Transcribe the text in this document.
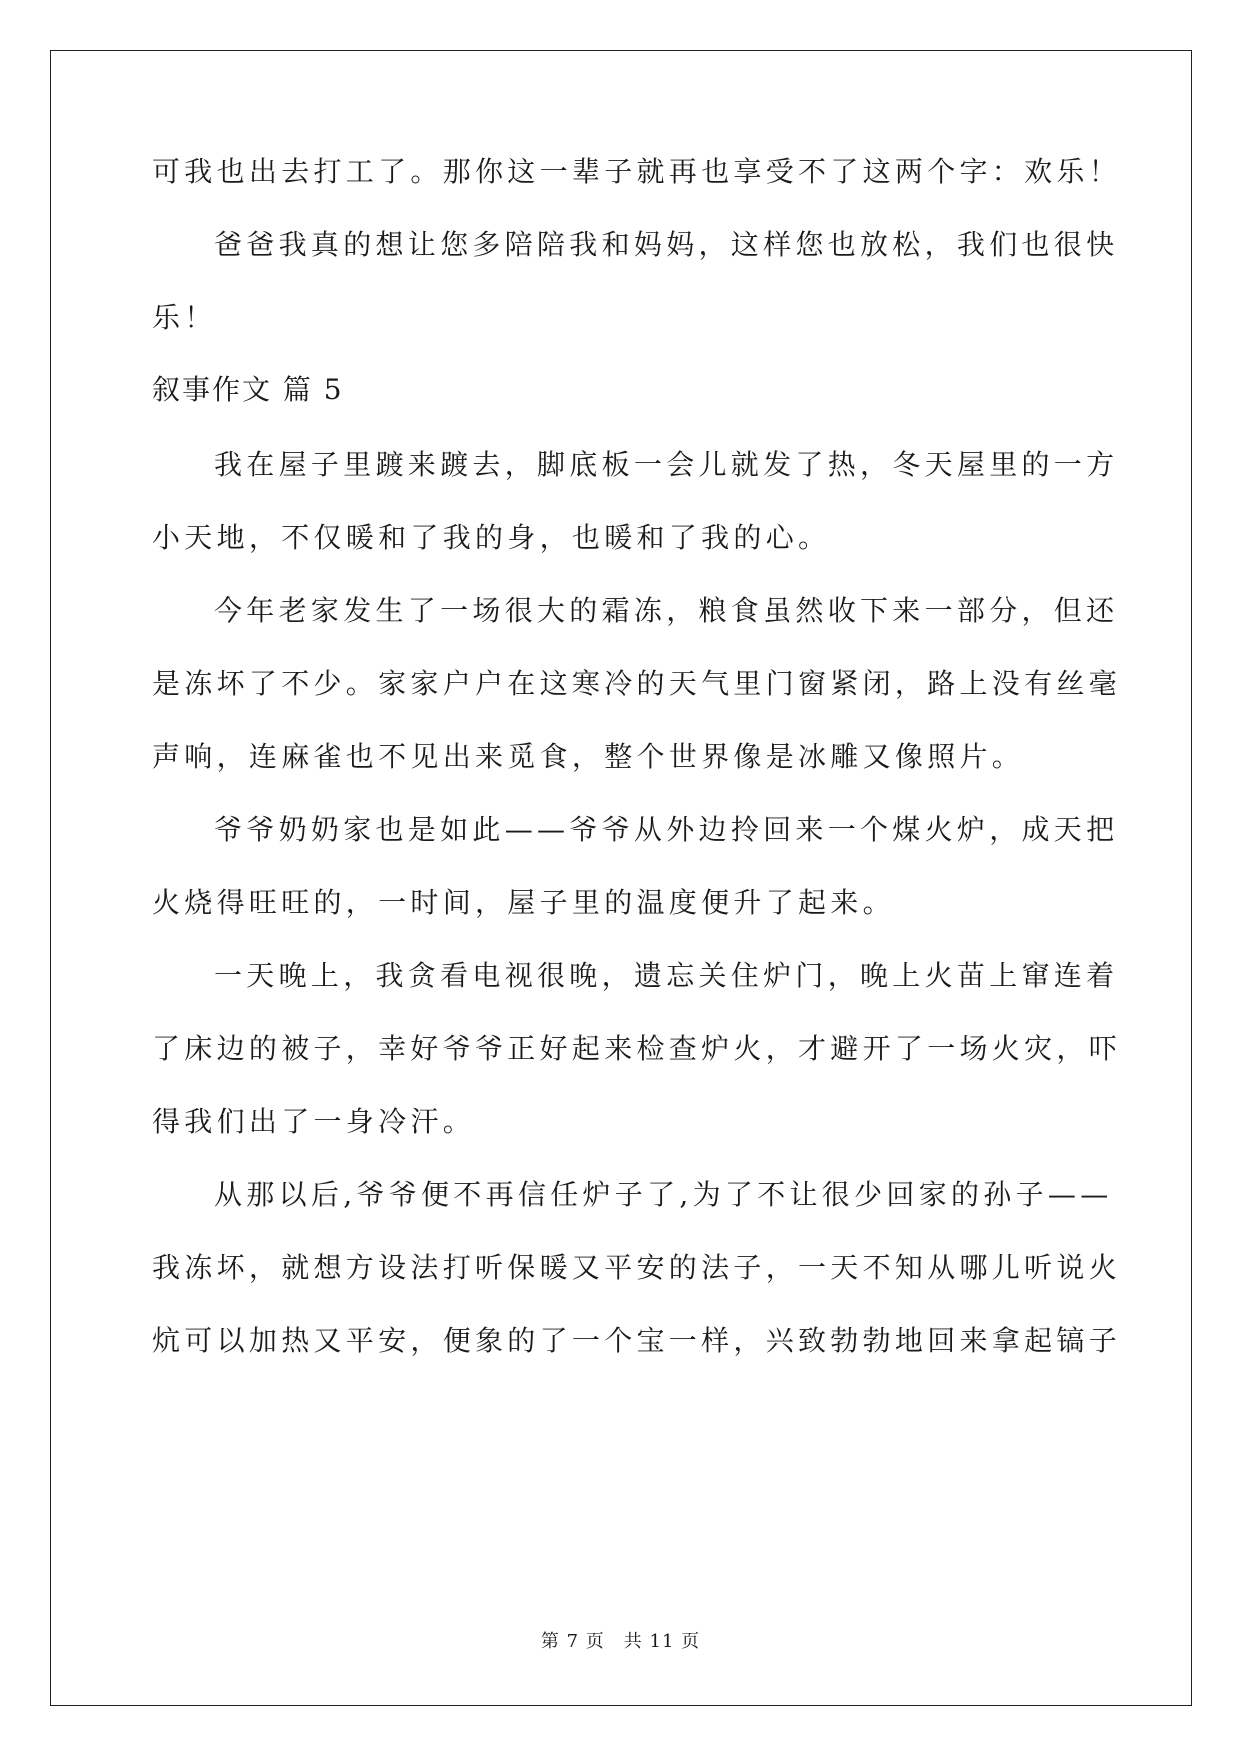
可我也出去打工了。那你这一辈子就再也享受不了这两个字：欢乐！
爸爸我真的想让您多陪陪我和妈妈，这样您也放松，我们也很快
乐！
叙事作文 篇 5
我在屋子里踱来踱去，脚底板一会儿就发了热，冬天屋里的一方
小天地，不仅暖和了我的身，也暖和了我的心。
今年老家发生了一场很大的霜冻，粮食虽然收下来一部分，但还
是冻坏了不少。家家户户在这寒冷的天气里门窗紧闭，路上没有丝毫
声响，连麻雀也不见出来觅食，整个世界像是冰雕又像照片。
爷爷奶奶家也是如此——爷爷从外边拎回来一个煤火炉，成天把
火烧得旺旺的，一时间，屋子里的温度便升了起来。
一天晚上，我贪看电视很晚，遗忘关住炉门，晚上火苗上窜连着
了床边的被子，幸好爷爷正好起来检查炉火，才避开了一场火灾，吓
得我们出了一身冷汗。
从那以后,爷爷便不再信任炉子了,为了不让很少回家的孙子——
我冻坏，就想方设法打听保暖又平安的法子，一天不知从哪儿听说火
炕可以加热又平安，便象的了一个宝一样，兴致勃勃地回来拿起镐子
第 7 页　共 11 页
